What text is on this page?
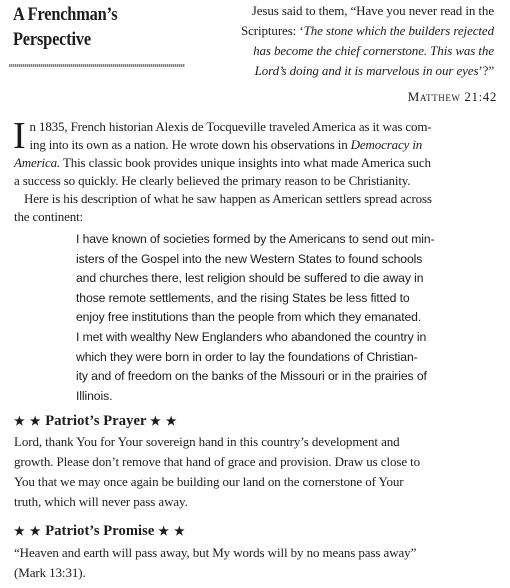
A Frenchman’s
Perspective
Jesus said to them, “Have you never read in the
Scriptures: ‘The stone which the builders rejected
has become the chief cornerstone. This was the
Lord’s doing and it is marvelous in our eyes’?”
Matthew 21:42
I n 1835, French historian Alexis de Tocqueville traveled America as it was com-
ing into its own as a nation. He wrote down his observations in Democracy in
America. This classic book provides unique insights into what made America such
a success so quickly. He clearly believed the primary reason to be Christianity.
Here is his description of what he saw happen as American settlers spread across
the continent:
I have known of societies formed by the Americans to send out min-
isters of the Gospel into the new Western States to found schools
and churches there, lest religion should be suffered to die away in
those remote settlements, and the rising States be less fitted to
enjoy free institutions than the people from which they emanated.
I met with wealthy New Englanders who abandoned the country in
which they were born in order to lay the foundations of Christian-
ity and of freedom on the banks of the Missouri or in the prairies of
Illinois.
★ ★ Patriot’s Prayer ★ ★
Lord, thank You for Your sovereign hand in this country’s development and
growth. Please don’t remove that hand of grace and provision. Draw us close to
You that we may once again be building our land on the cornerstone of Your
truth, which will never pass away.
★ ★ Patriot’s Promise ★ ★
“Heaven and earth will pass away, but My words will by no means pass away”
(Mark 13:31).
